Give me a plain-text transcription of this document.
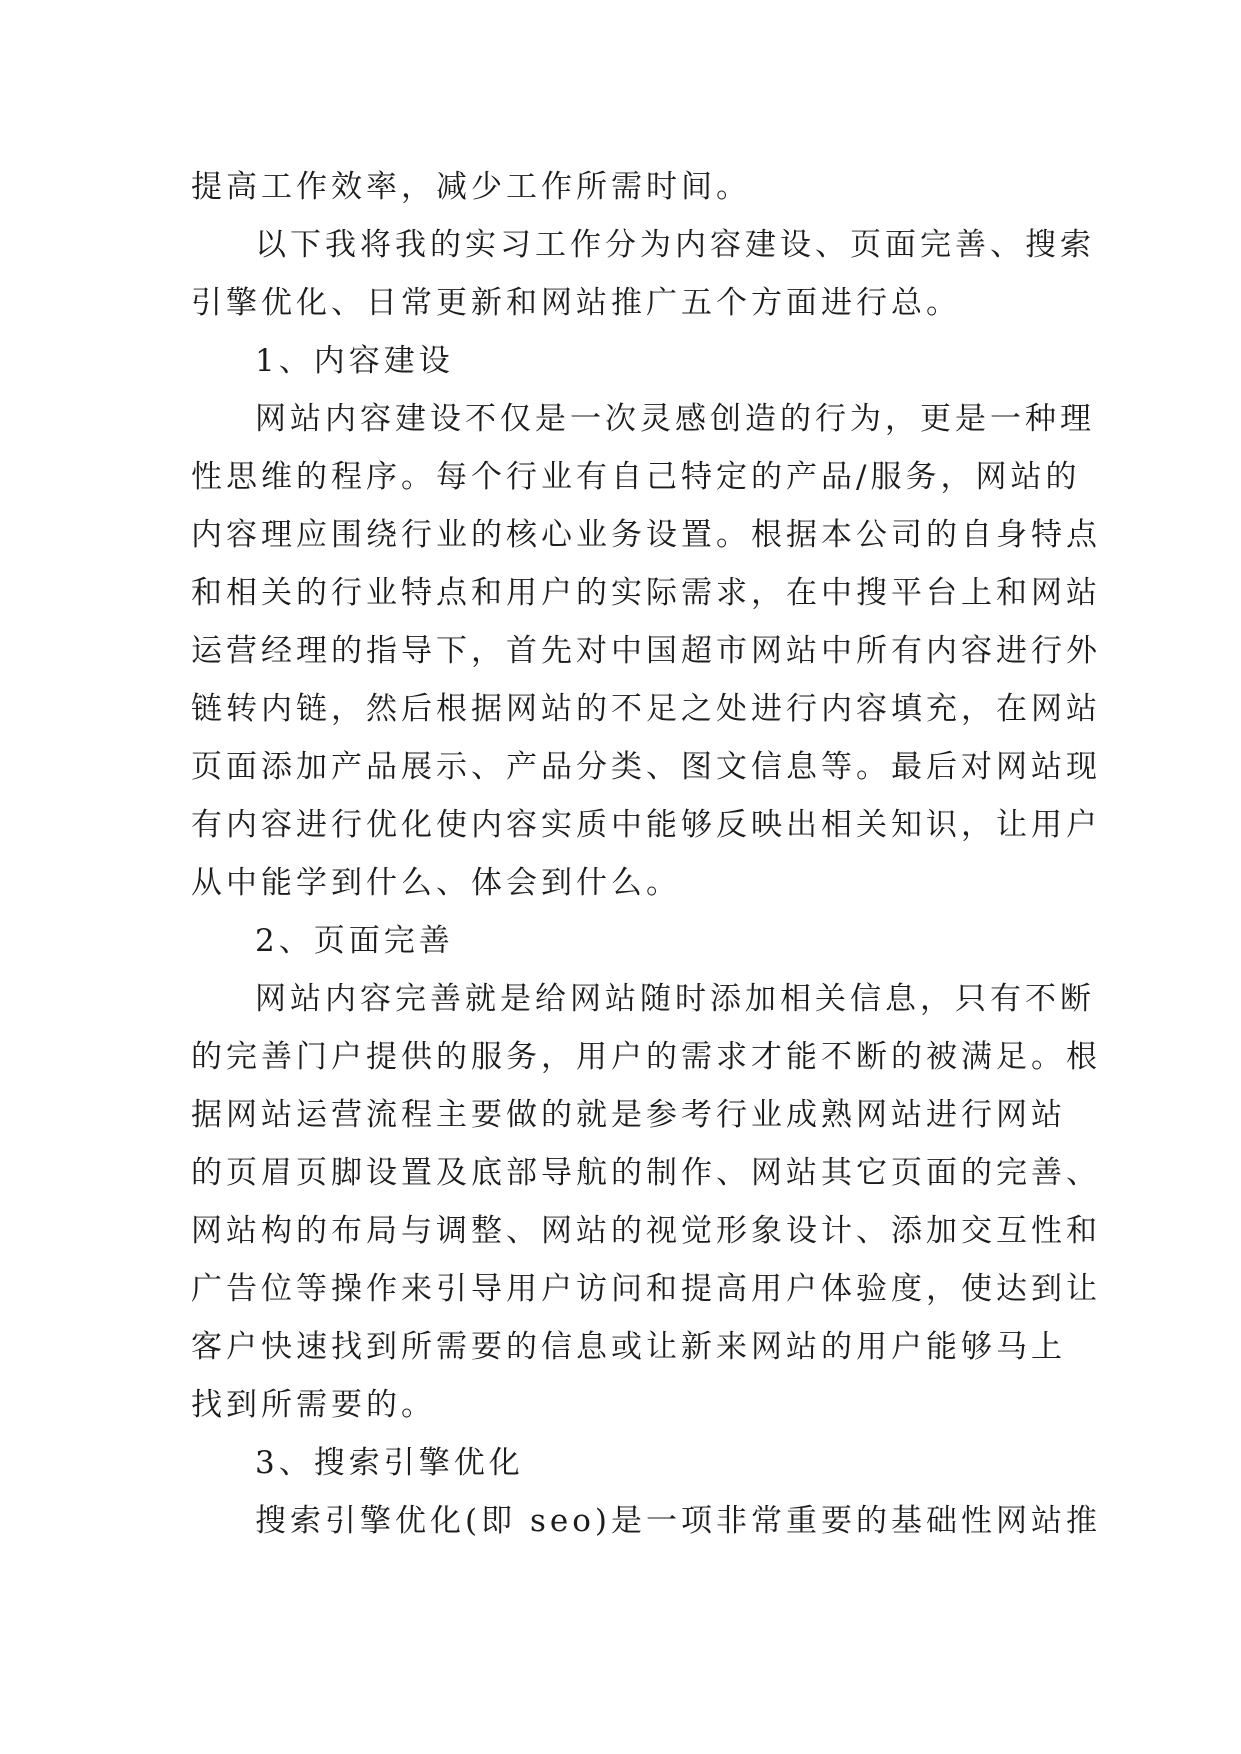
提高工作效率，减少工作所需时间。
以下我将我的实习工作分为内容建设、页面完善、搜索
引擎优化、日常更新和网站推广五个方面进行总。
1、内容建设
网站内容建设不仅是一次灵感创造的行为，更是一种理
性思维的程序。每个行业有自己特定的产品/服务，网站的
内容理应围绕行业的核心业务设置。根据本公司的自身特点
和相关的行业特点和用户的实际需求，在中搜平台上和网站
运营经理的指导下，首先对中国超市网站中所有内容进行外
链转内链，然后根据网站的不足之处进行内容填充，在网站
页面添加产品展示、产品分类、图文信息等。最后对网站现
有内容进行优化使内容实质中能够反映出相关知识，让用户
从中能学到什么、体会到什么。
2、页面完善
网站内容完善就是给网站随时添加相关信息，只有不断
的完善门户提供的服务，用户的需求才能不断的被满足。根
据网站运营流程主要做的就是参考行业成熟网站进行网站
的页眉页脚设置及底部导航的制作、网站其它页面的完善、
网站构的布局与调整、网站的视觉形象设计、添加交互性和
广告位等操作来引导用户访问和提高用户体验度，使达到让
客户快速找到所需要的信息或让新来网站的用户能够马上
找到所需要的。
3、搜索引擎优化
搜索引擎优化(即 seo)是一项非常重要的基础性网站推
